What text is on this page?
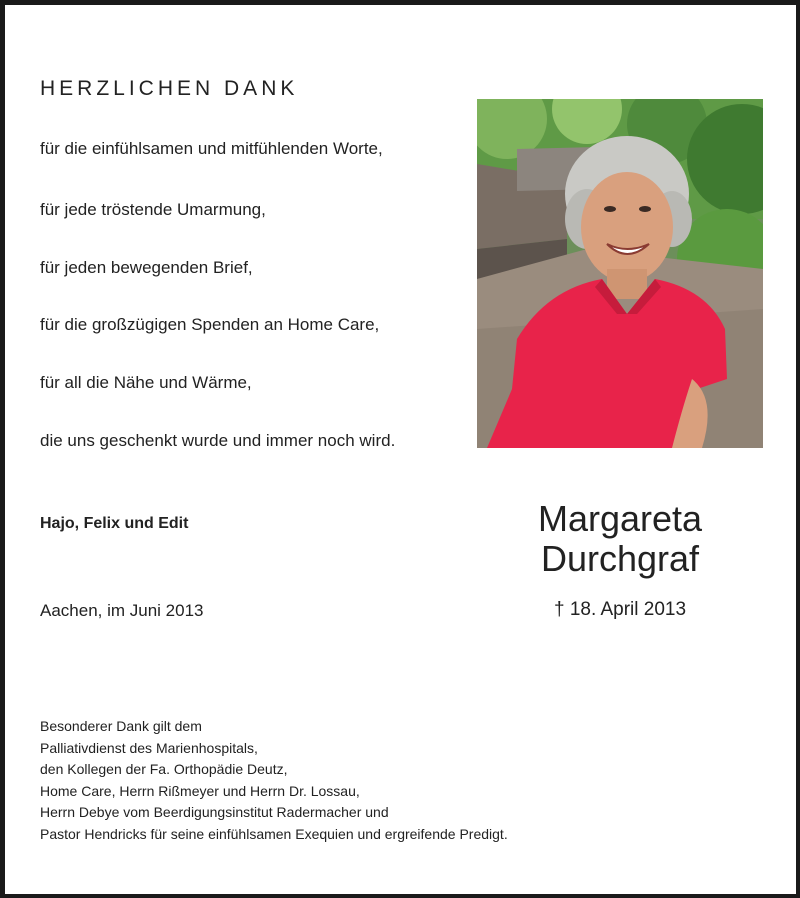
HERZLICHEN DANK
für die einfühlsamen und mitfühlenden Worte,
für jede tröstende Umarmung,
für jeden bewegenden Brief,
für die großzügigen Spenden an Home Care,
für all die Nähe und Wärme,
die uns geschenkt wurde und immer noch wird.
Hajo, Felix und Edit
Aachen, im Juni 2013
Margareta
Durchgraf
† 18. April 2013
Besonderer Dank gilt dem
Palliativdienst des Marienhospitals,
den Kollegen der Fa. Orthopädie Deutz,
Home Care, Herrn Rißmeyer und Herrn Dr. Lossau,
Herrn Debye vom Beerdigungsinstitut Radermacher und
Pastor Hendricks für seine einfühlsamen Exequien und ergreifende Predigt.
